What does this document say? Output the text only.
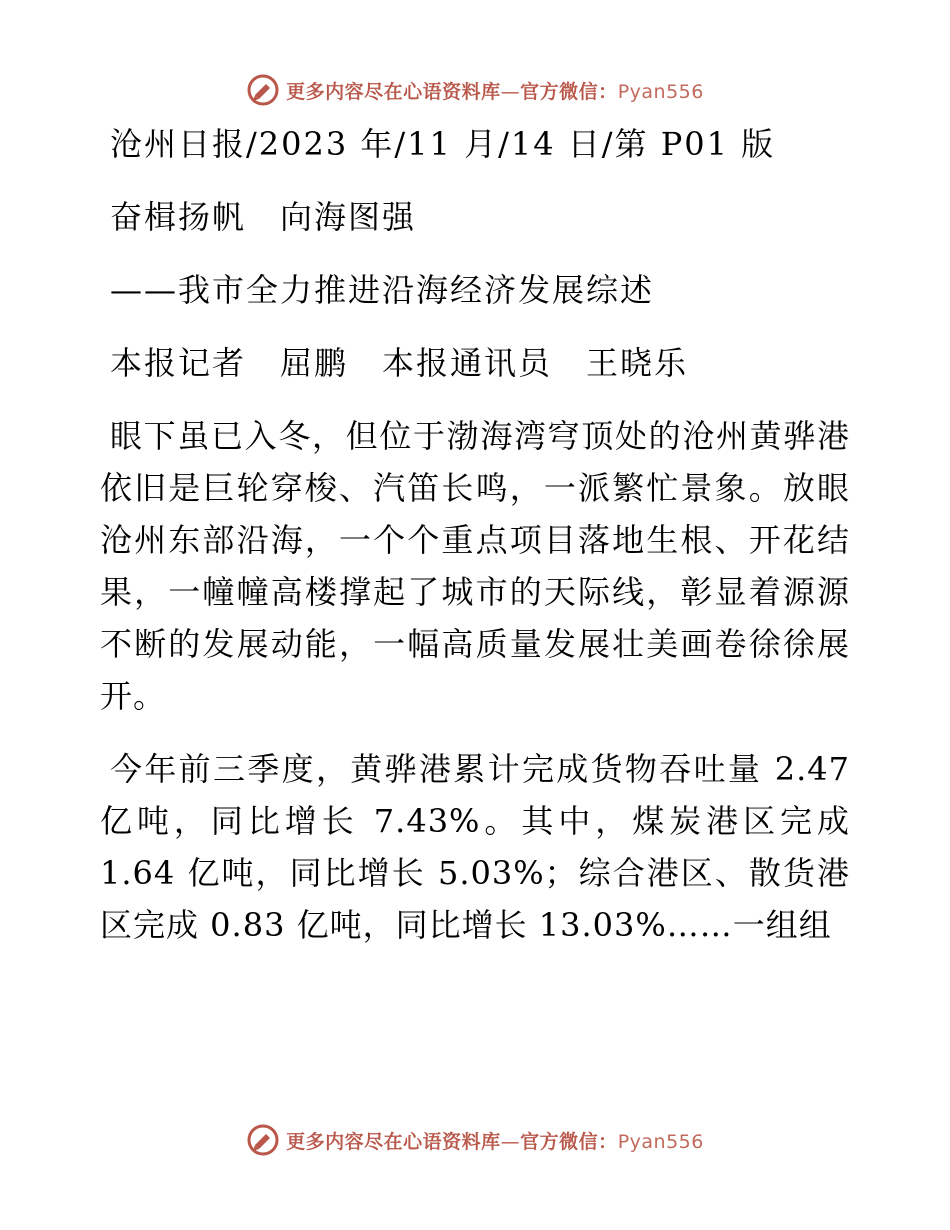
更多内容尽在心语资料库—官方微信：Pyan556
沧州日报/2023 年/11 月/14 日/第 P01 版
奋楫扬帆　向海图强
——我市全力推进沿海经济发展综述
本报记者　屈鹏　本报通讯员　王晓乐

眼下虽已入冬，但位于渤海湾穹顶处的沧州黄骅港依旧是巨轮穿梭、汽笛长鸣，一派繁忙景象。放眼沧州东部沿海，一个个重点项目落地生根、开花结果，一幢幢高楼撑起了城市的天际线，彰显着源源不断的发展动能，一幅高质量发展壮美画卷徐徐展开。

今年前三季度，黄骅港累计完成货物吞吐量 2.47 亿吨，同比增长 7.43%。其中，煤炭港区完成 1.64 亿吨，同比增长 5.03%；综合港区、散货港区完成 0.83 亿吨，同比增长 13.03%……一组组

更多内容尽在心语资料库—官方微信：Pyan556
